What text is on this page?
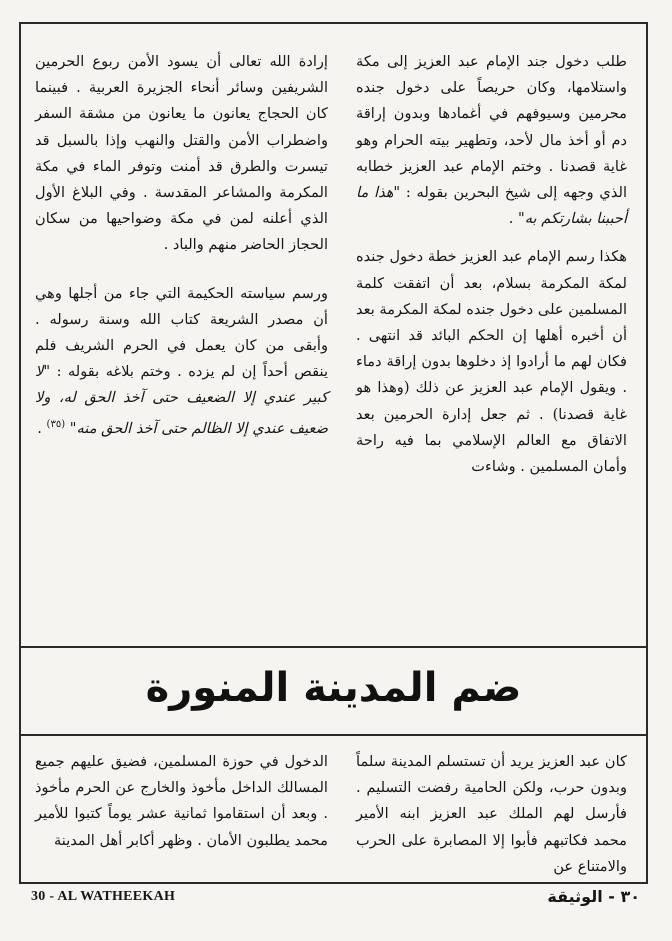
طلب دخول جند الإمام عبد العزيز إلى مكة واستلامها، وكان حريصاً على دخول جنده محرمين وسيوفهم في أغمادها وبدون إراقة دم أو أخذ مال لأحد، وتطهير بيته الحرام وهو غاية قصدنا . وختم الإمام عبد العزيز خطابه الذي وجهه إلى شيخ البحرين بقوله : "هذا ما أحببنا بشارتكم به" .

هكذا رسم الإمام عبد العزيز خطة دخول جنده لمكة المكرمة بسلام، بعد أن اتفقت كلمة المسلمين على دخول جنده لمكة المكرمة بعد أن أخبره أهلها إن الحكم البائد قد انتهى . فكان لهم ما أرادوا إذ دخلوها بدون إراقة دماء . ويقول الإمام عبد العزيز عن ذلك (وهذا هو غاية قصدنا) . ثم جعل إدارة الحرمين بعد الاتفاق مع العالم الإسلامي بما فيه راحة وأمان المسلمين . وشاءت

إرادة الله تعالى أن يسود الأمن ربوع الحرمين الشريفين وسائر أنحاء الجزيرة العربية . فبينما كان الحجاج يعانون ما يعانون من مشقة السفر واضطراب الأمن والقتل والنهب وإذا بالسبل قد تيسرت والطرق قد أمنت وتوفر الماء في مكة المكرمة والمشاعر المقدسة . وفي البلاغ الأول الذي أعلنه لمن في مكة وضواحيها من سكان الحجاز الحاضر منهم والباد .

ورسم سياسته الحكيمة التي جاء من أجلها وهي أن مصدر الشريعة كتاب الله وسنة رسوله . وأبقى من كان يعمل في الحرم الشريف فلم ينقص أحداً إن لم يزده . وختم بلاغه بقوله : "لا كبير عندي إلا الضعيف حتى آخذ الحق له، ولا ضعيف عندي إلا الظالم حتى آخذ الحق منه" $^{(٣٥)}$ .

ضم المدينة المنورة

كان عبد العزيز يريد أن تستسلم المدينة سلماً وبدون حرب، ولكن الحامية رفضت التسليم . فأرسل لهم الملك عبد العزيز ابنه الأمير محمد فكاتبهم فأبوا إلا المصابرة على الحرب والامتناع عن

الدخول في حوزة المسلمين، فضيق عليهم جميع المسالك الداخل مأخوذ والخارج عن الحرم مأخوذ . وبعد أن استقاموا ثمانية عشر يوماً كتبوا للأمير محمد يطلبون الأمان . وظهر أكابر أهل المدينة

30 - AL WATHEEKAH	٣٠ - الوثيقة
